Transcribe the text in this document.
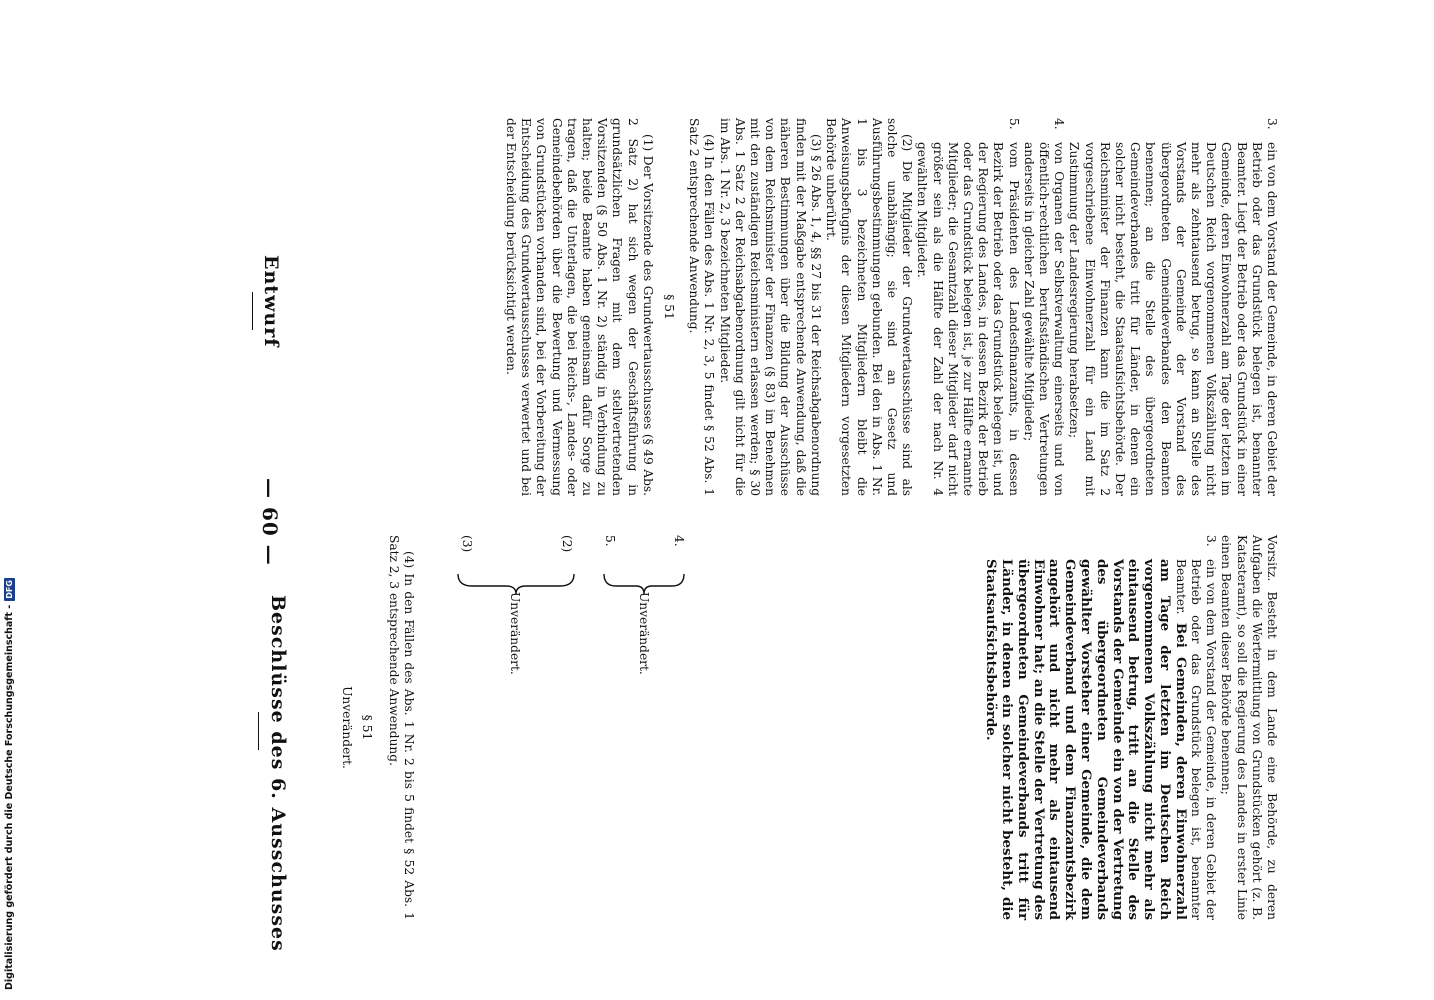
Entwurf
— 60 —
Beschlüsse des 6. Ausschusses
3.

ein von dem Vorstand der Gemeinde, in deren Gebiet der Betrieb oder das Grundstück belegen ist, benannter Beamter. Liegt der Betrieb oder das Grundstück in einer Gemeinde, deren Einwohnerzahl am Tage der letzten im Deutschen Reich vorgenommenen Volkszählung nicht mehr als zehntausend betrug, so kann an Stelle des Vorstands der Gemeinde der Vorstand des übergeordneten Gemeindeverbandes den Beamten benennen; an die Stelle des übergeordneten Gemeindeverbandes tritt für Länder, in denen ein solcher nicht besteht, die Staatsaufsichtsbehörde. Der Reichsminister der Finanzen kann die im Satz 2 vorgeschriebene Einwohnerzahl für ein Land mit Zustimmung der Landesregierung herabsetzen;

4.

von Organen der Selbstverwaltung einerseits und von öffentlich-rechtlichen berufsständischen Vertretungen anderseits in gleicher Zahl gewählte Mitglieder;

5.

vom Präsidenten des Landesfinanzamts, in dessen Bezirk der Betrieb oder das Grundstück belegen ist, und der Regierung des Landes, in dessen Bezirk der Betrieb oder das Grundstück belegen ist, je zur Hälfte ernannte Mitglieder; die Gesamtzahl dieser Mitglieder darf nicht größer sein als die Hälfte der Zahl der nach Nr. 4 gewählten Mitglieder.

(2) Die Mitglieder der Grundwertausschüsse sind als solche unabhängig; sie sind an Gesetz und Ausführungsbestimmungen gebunden. Bei den in Abs. 1 Nr. 1 bis 3 bezeichneten Mitgliedern bleibt die Anweisungsbefugnis der diesen Mitgliedern vorgesetzten Behörde unberührt.

(3) § 26 Abs. 1, 4, §§ 27 bis 31 der Reichsabgabenordnung finden mit der Maßgabe entsprechende Anwendung, daß die näheren Bestimmungen über die Bildung der Ausschüsse von dem Reichsminister der Finanzen (§ 83) im Benehmen mit den zuständigen Reichsministern erlassen werden; § 30 Abs. 1 Satz 2 der Reichsabgabenordnung gilt nicht für die im Abs. 1 Nr. 2, 3 bezeichneten Mitglieder.

(4) In den Fällen des Abs. 1 Nr. 2, 3, 5 findet § 52 Abs. 1 Satz 2 entsprechende Anwendung.

§ 51

(1) Der Vorsitzende des Grundwertausschusses (§ 49 Abs. 2 Satz 2) hat sich wegen der Geschäftsführung in grundsätzlichen Fragen mit dem stellvertretenden Vorsitzenden (§ 50 Abs. 1 Nr. 2) ständig in Verbindung zu halten; beide Beamte haben gemeinsam dafür Sorge zu tragen, daß die Unterlagen, die bei Reichs-, Landes- oder Gemeindebehörden über die Bewertung und Vermessung von Grundstücken vorhanden sind, bei der Vorbereitung der Entscheidung des Grundwertausschusses verwertet und bei der Entscheidung berücksichtigt werden.

Vorsitz. Besteht in dem Lande eine Behörde, zu deren Aufgaben die Wertermittlung von Grundstücken gehört (z. B. Katasteramt), so soll die Regierung des Landes in erster Linie einen Beamten dieser Behörde benennen;

3.

ein von dem Vorstand der Gemeinde, in deren Gebiet der Betrieb oder das Grundstück belegen ist, benannter Beamter. Bei Gemeinden, deren Einwohnerzahl am Tage der letzten im Deutschen Reich vorgenommenen Volkszählung nicht mehr als eintausend betrug, tritt an die Stelle des Vorstands der Gemeinde ein von der Vertretung des übergeordneten Gemeindeverbands gewählter Vorsteher einer Gemeinde, die dem Gemeindeverband und dem Finanzamtsbezirk angehört und nicht mehr als eintausend Einwohner hat; an die Stelle der Vertretung des übergeordneten Gemeindeverbands tritt für Länder, in denen ein solcher nicht besteht, die Staatsaufsichtsbehörde.

4.
5.
Unverändert.
(2)
(3)
Unverändert.

(4) In den Fällen des Abs. 1 Nr. 2 bis 5 findet § 52 Abs. 1 Satz 2, 3 entsprechende Anwendung.

§ 51

Unverändert.

Digitalisierung gefördert durch die Deutsche Forschungsgemeinschaft -
DFG
